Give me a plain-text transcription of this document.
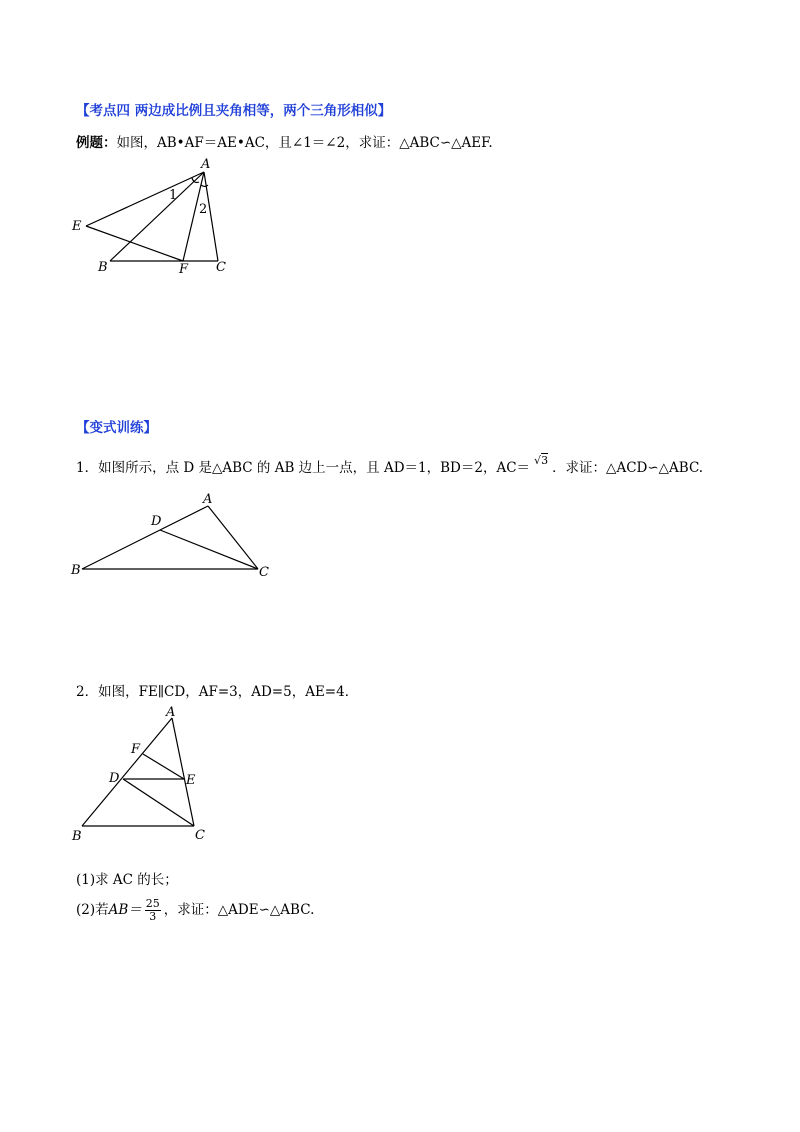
【考点四 两边成比例且夹角相等，两个三角形相似】
例题：如图，AB•AF＝AE•AC，且∠1＝∠2，求证：△ABC∽△AEF.
A
E
B	F C
1
2
【变式训练】
1．如图所示，点 D 是△ABC 的 AB 边上一点，且 AD＝1，BD＝2，AC＝ √3 ．求证：△ACD∽△ABC.
A
D
B	C
2．如图，FE∥CD，AF=3，AD=5，AE=4．
A
F
D	E
B	C
(1)求 AC 的长；
(2)若$AB= \frac{25}{3}$ ，求证：△ADE∽△ABC.
